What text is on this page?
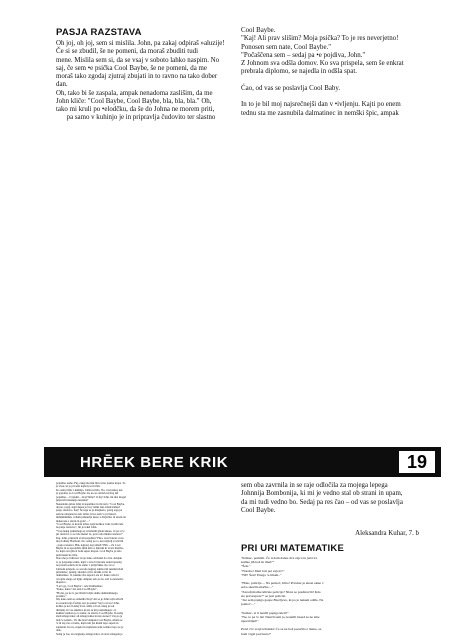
PASJA RAZSTAVA

Oh joj, oh joj, sem si mislila. John, pa zakaj odpiraš »aluzije!

Če si se zbudil, še ne pomeni, da moraš zbuditi tudi

mene. Mislila sem si, da se vsaj v soboto lahko naspim. No

saj, če sem •e psička Cool Baybe, še ne pomeni, da me

moraš tako zgodaj zjutraj zbujati in to ravno na tako dober

dan.

Oh, tako bi še zaspala, ampak nenadoma zaslišim, da me

John kliče: "Cool Baybe, Cool Baybe, bla, bla, bla." Oh,

tako mi kruli po •elodčku, da še do Johna ne morem priti,

pa samo v kuhinjo je in pripravlja čudovito ter slastno

Cool Baybe.

"Kaj! Ali prav slišim? Moja psička? To je res neverjetno!

Ponosen sem nate, Cool Baybe."

"Počaščena sem – sedaj pa •e pojdiva, John."

Z Johnom sva odšla domov. Ko sva prispela, sem še enkrat

prebrala diplomo, se najedla in odšla spat.

Ćao, od vas se poslavlja Cool Baby.

In to je bil moj najsrečnejši dan v •ivljenju. Kajti po enem

tednu sta me zasnubila dalmatinec in nemški špic, ampak

HRĒEK BERE KRIK	19

pojedino zame. Fuj, zakaj moram biti ravno pasme mops. To

je stvar, ki jo pri sebi najbolj sovra•im.

Ko sem prišla v kuhinjo, Johna ni bilo. No, vsaj nekaj, kar

je popolno za Cool Baybe. In, ko se oziram na moj del

pojedine ... O njami ... Kaj? Ribe? O fuj! John, mi nisi mogel

pripraviti mesnega narezka?

Nenadoma pride John iz kopalnice in mi reče: "Cool Baybe,

daj no, pojej, kajti danes je tvoj veliki dan. Imaš namreč

pasjo razstavo. Kaj? Še tega se je manjkalo, poleg tega pa

sem še utrujena in zelo lačna. In ko sem •e pri lakoti,

mmmmmmm, voham pišeančje meso z divjačino in sirom ter

makarone s sirom in gola• ..."

"Cool Baybe, si morda lačna, kajti kolikor vem, hodiš rada

na pasje razstave", mi je rekel John.

"Vsaj nekaj pametnega si si izmislil glede lakote, če pa si •e

pri razstavi, to se tiče mene! Ja, prav rada imam razstave!"

Kaj, John, pripravil si mi pojedino? Fino, toreJ lokrat si res

moj Johnny Bonboni. No, sedaj pa to, kar najbolj sovra•im

- pasja razstava. Hm, najprej, kaj obleči? Hm ... Za Cool

Baybe bi se spodobilo mini krilo s špičaki in vroče majčko.

Ja, kajti osvojila si bom super mopsa. Cool Baybe je zelo

prebrisana in zvita.

Nato me je John kot svojo lutko odvlekel do avta. Ampak

to je potrpanje zame, kajti v avtu bi morala sedeti spredaj

na prvem sede•u in ne samo v prtlja•niku. Ko sva z

Johnom prispela, so sevoda najprej tekmovali neumni zlati

prinašalec, pudelj, škotski ovčar, kraški ovčar in

dalmatinec. O, kakšna dva lepotca sta to! Kako rada bi

osvojila enega od njiju. Ampak, kdo se bo ozrl za nesrečno

mopsico.

"Let's go, Cool Baybe", reče Dalmatinec.

"Kako, kako? Jaz sem Cool Baybe".

"Ha ha, pa ne ti, jaz iščem boljše dekle dalmatinskega

porekla."

Oh, kako sem se osmešila! Kaj? Ali se je John rajši odločil

za sosedovega Čarlija, kot pa zame? Saj to ni res! John,

koliko je ura in kdaj bova odšla od tod, tukaj je tak

dirindaj. In vse tekmice in psi se mi posmehujejo. O,

kakšna sramota je to zame, za slavno Cool Baybe. In sedaj

sledi zmagovalec ali zmagovalka in nato konec! Ura pa je

tudi •e sedem - It's the best! Ampak Cool Baybe, zmeni se

•e in daj vse od sebe, kajti tudi jaz imam lepo zapeti in

zaplesati. In res, zapela in zaplesala sem, kolikor lepo se je

dalo.

Sedaj je čas, da razglasijo zmagovalca, in sicer zmagala je

sem oba zavrnila in se raje odločila za mojega lepega

Johnnija Bombonija, ki mi je vedno stal ob strani in upam,

da mi tudi vedno bo. Sedaj pa res čao – od vas se poslavlja

Cool Baybe.

Aleksandra Kuhar, 7. b
PRI URI MATEMATIKE

"Krikec, pomisli. Če ti dam danes dva zajca in jutri tri,

koliko jih boš še imel?"

"Šest."

"Narobe! Imel boš pet zajcev!"

"NE! Šest! Enega •e imam.."

"Halo, policija ... Na pomoč, hitro! Pravkar je skozi okno v

sobo skočila mačka ..."

"Zaradi mačke kličete policijo? Niste se predstavili! Kdo

ste pravzaprav?" se jezi policist.

"Jaz sem papiga gospe Brecljeve, ki pa je nekam odšla. Na

pomoč ..."

"Krikec, si ti naučil papigo kleti?"

"Ne, to pa •e tie! Naučil sem jo, katerih besed se ne sme

uporabljati!"

Pravi črv svoji izbranki: Će se ne boš poročila z mano, se

bom vrgel pod kuro!"
